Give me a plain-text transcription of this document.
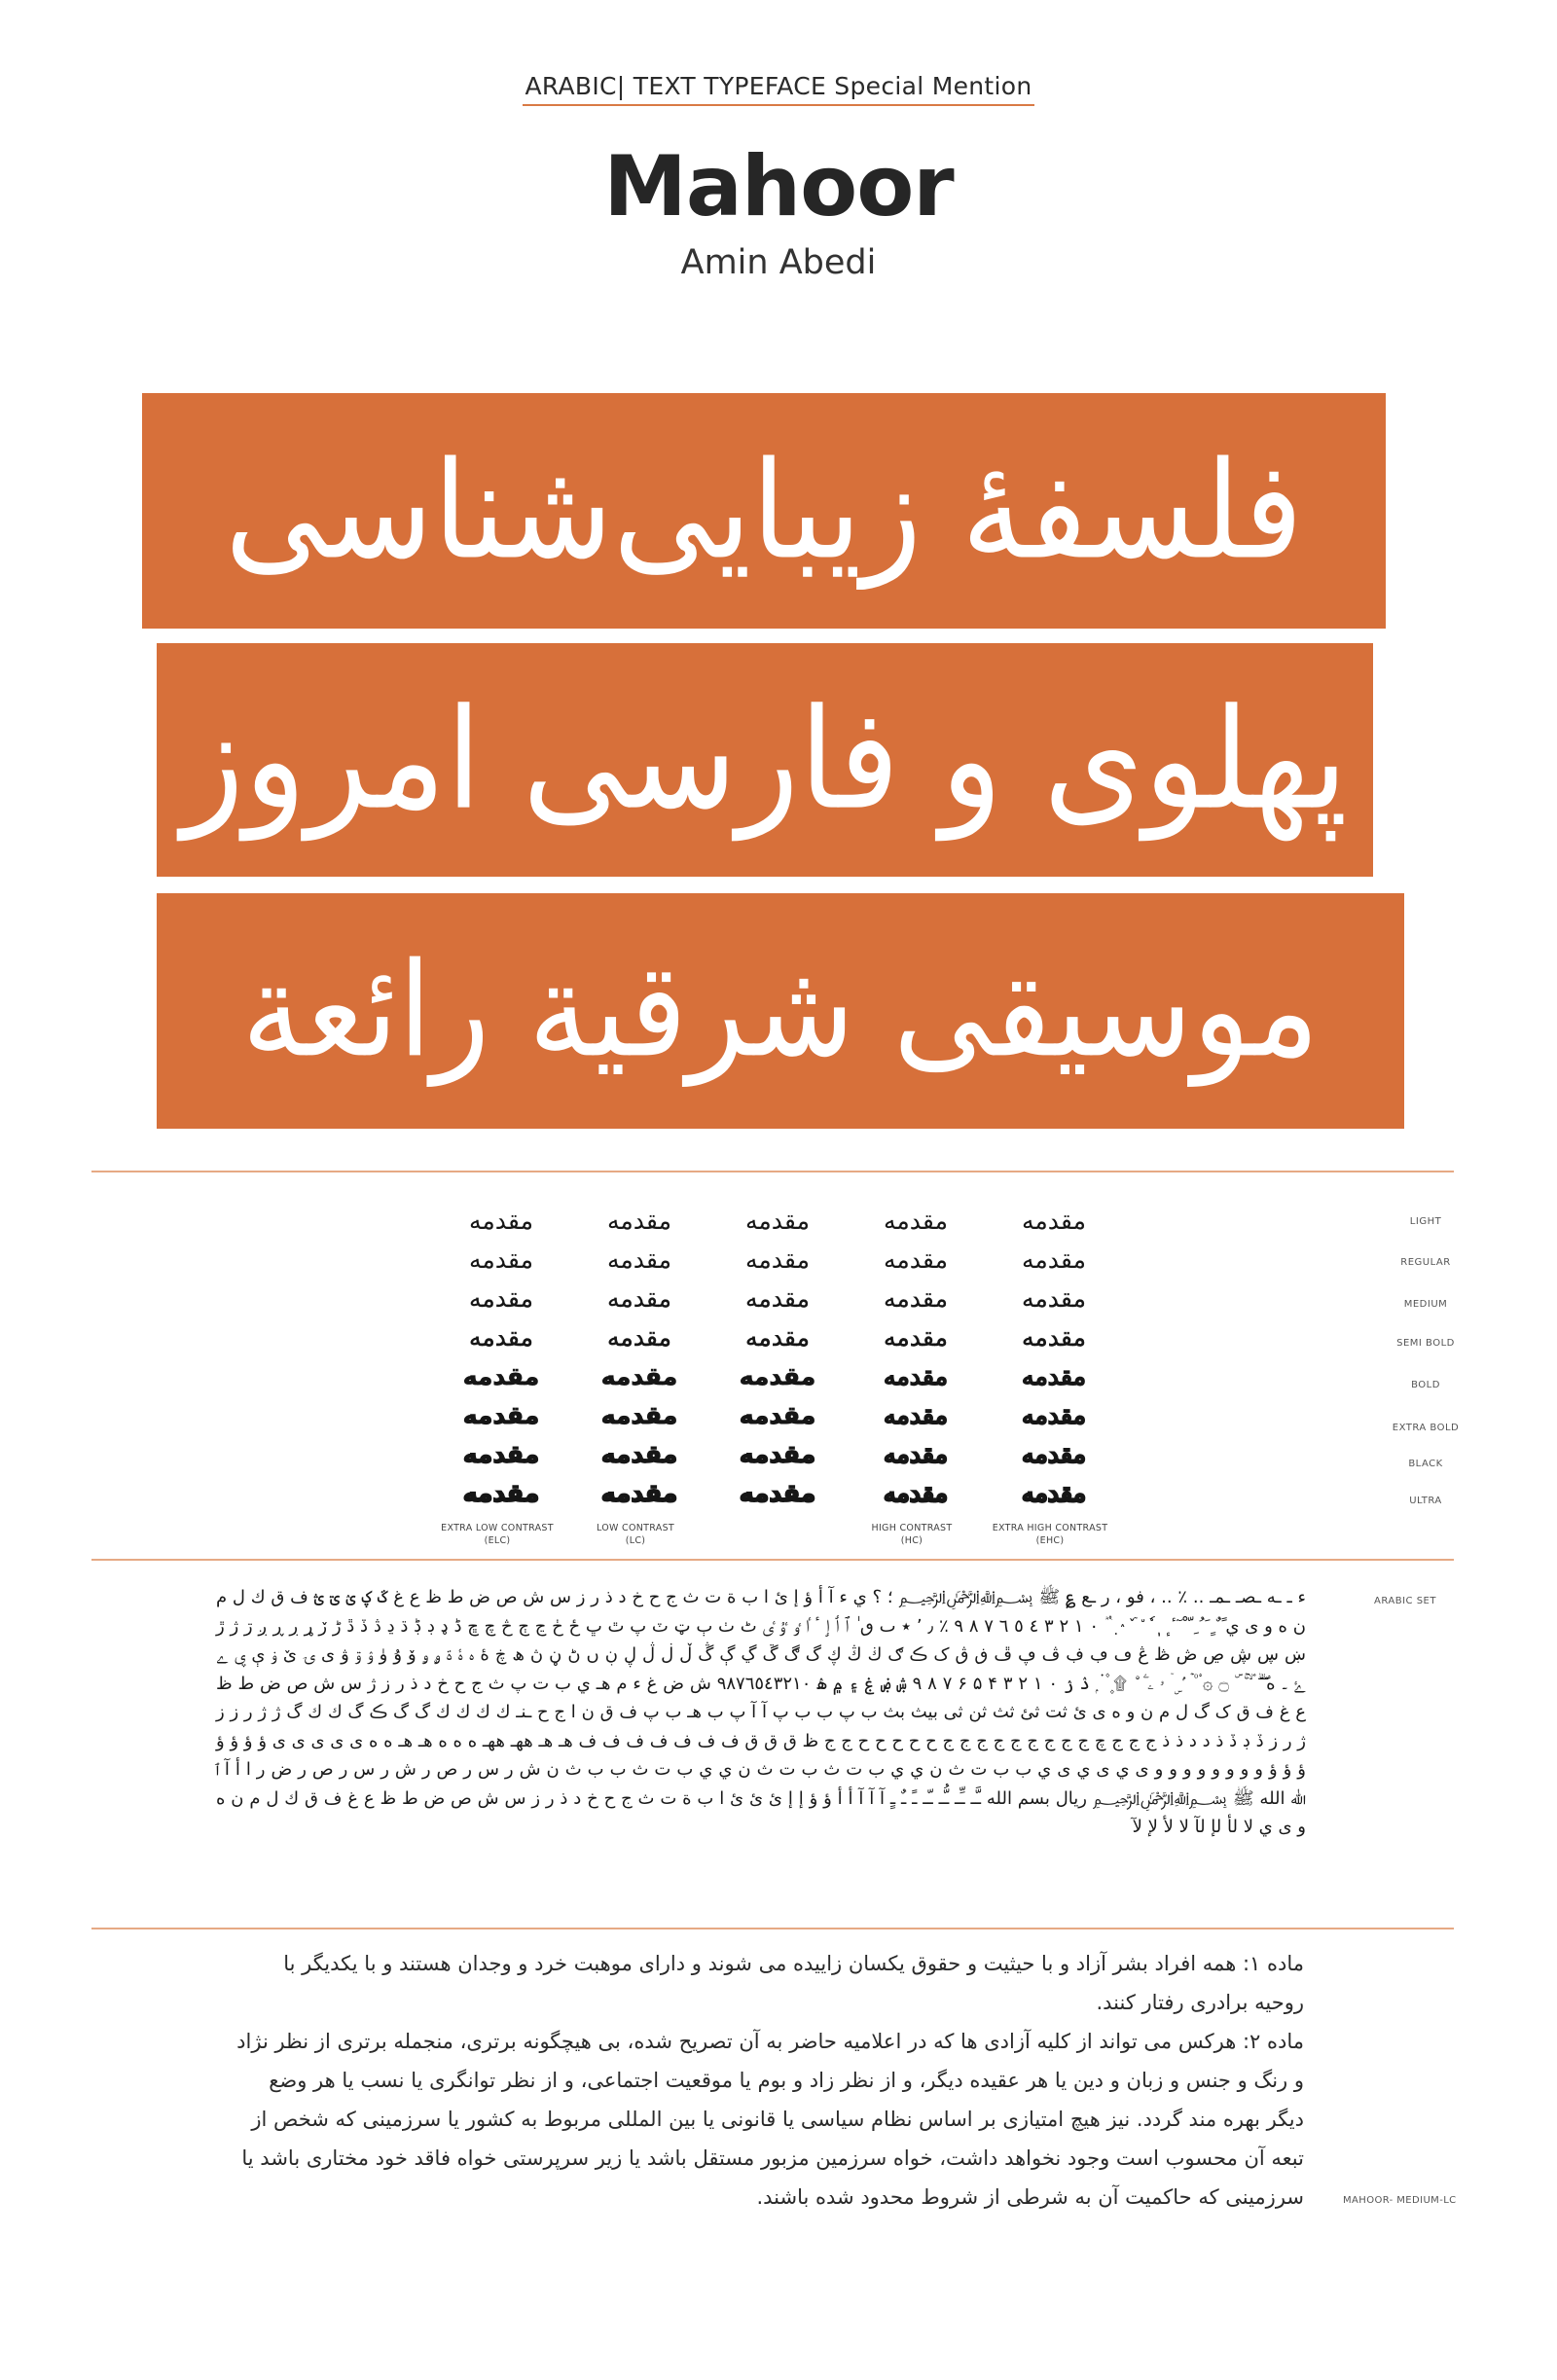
ARABIC| TEXT TYPEFACE Special Mention
Mahoor
Amin Abedi
فلسفهٔ زیبایی‌شناسی
پهلوی و فارسی امروز
موسیقی شرقیة رائعة
مقدمه	مقدمه	مقدمه	مقدمه	مقدمه
مقدمه	مقدمه	مقدمه	مقدمه	مقدمه
مقدمه	مقدمه	مقدمه	مقدمه	مقدمه
مقدمه	مقدمه	مقدمه	مقدمه	مقدمه
مقدمه	مقدمه	مقدمه	مقدمه	مقدمه
مقدمه	مقدمه	مقدمه	مقدمه	مقدمه
مقدمه	مقدمه	مقدمه	مقدمه	مقدمه
مقدمه	مقدمه	مقدمه	مقدمه	مقدمه
LIGHT
REGULAR
MEDIUM
SEMI BOLD
BOLD
EXTRA BOLD
BLACK
ULTRA
EXTRA LOW CONTRAST
(ELC)
LOW CONTRAST
(LC)
HIGH CONTRAST
(HC)
EXTRA HIGH CONTRAST
(EHC)
ء ـ ـه ـصـ ـمـ .. ٪ .. ، فو ، ر ـع ؏ ﷺ ﷽ ؛ ؟ ي ء آ أ ؤ إ ئ ا ب ة ت ث ج ح خ د ذ ر ز س ش ص ض ط ظ ع غ ػ ؼ ؽ ؾ ؿ ف ق ك ل م ن ه و ى ي ً ٌ ٍ َ ُ ِ ّ ْ ٓ ٔ ٕ ٖ ٗ ٘ ٙ ٚ ٛ ٜ ٝ ٞ ٠ ١ ٢ ٣ ٤ ٥ ٦ ٧ ٨ ٩ ٪ ٫ ٬ ٭ ٮ ٯ ٰ ٱ ٲ ٳ ٴ ٵ ٶ ٷ ٸ ٹ ٺ ٻ ټ ٽ پ ٿ ڀ ځ ڂ ڃ ڄ څ چ ڇ ڈ ډ ڊ ڋ ڌ ڍ ڎ ڏ ڐ ڑ ڒ ړ ڔ ڕ ږ ڗ ژ ڙ ښ ڛ ڜ ڝ ڞ ڟ ڠ ڡ ڢ ڣ ڤ ڥ ڦ ڧ ڨ ک ڪ ګ ڬ ڭ ڮ گ ڰ ڱ ڲ ڳ ڴ ڵ ڶ ڷ ڸ ڹ ں ڻ ڼ ڽ ھ ڿ ۀ ہ ۂ ۃ ۄ ۅ ۆ ۇ ۈ ۉ ۊ ۋ ی ۍ ێ ۏ ې ۑ ے ۓ ۔ ە ۖ ۗ ۘ ۙ ۚ ۛ ۜ ۝ ۞ ۟ ۠ ۡ ۢ ۣ ۤ ۥ ۦ ۧ ۨ ۩ ۪ ۫ ۬ ۭ ۮ ۯ ۰ ۱ ۲ ۳ ۴ ۵ ۶ ۷ ۸ ۹ ۺ ۻ ۼ ۽ ۾ ۿ ٩٨٧٦٥٤٣٢١٠ ش ض غ ء م هـ ي ب ت پ ث ج ح خ د ذ ر ز ژ س ش ص ض ط ظ ع غ ف ق ک گ ل م ن و ه ی ئ ثت ثئ ثث ثن ثى بيث بث ب پ ب ب پ آ آ پ ب هـ ب پ ف ق ن ا ج ح ـنـ ك ك ك ك گ گ ڪ گ ك ك گ ژ ژ ر ز ز ژ ر ز ڏ ڊ ڏ ذ د د ذ ذ ج ج ج چ ج ج ج ج ج ج ج ج ج ح ح ح ح ح ج ج ظ ق ق ق ف ف ف ف ف ف ف هـ هـ ههـ ههـ ه ه ه هـ هـ ه ه ى ى ى ى ى ؤ ؤ ؤ ؤ ؤ ؤ ؤ و و و و و و و و ى ي ى ي ى ي ب ب ت ث ن ي ي ب ت ث ب ت ث ن ي ي ب ت ث ب ب ث ن ش ر س ر ص ر ش ر س ر ص ر ض ر ا أ آ ٱ ﷲ الله ﷺ ﷽ ريال بسم الله ـَّـ ـِّـ ـُّـ ـّـ ـً ـٌ ـٍ آ آ آ أ أ ؤ ؤ إ إ ئ ئ ئ ا ب ة ت ث ج ح خ د ذ ر ز س ش ص ض ط ظ ع غ ف ق ك ل م ن ه و ى ي لا لأ لإ لآ ﻻ ﻷ ﻹ ﻵ
ARABIC SET

ماده ۱: همه افراد بشر آزاد و با حیثیت و حقوق یکسان زاییده می شوند و دارای موهبت خرد و وجدان هستند و با یکدیگر با روحیه برادری رفتار کنند.

ماده ۲: هرکس می تواند از کلیه آزادی ها که در اعلامیه حاضر به آن تصریح شده، بی هیچگونه برتری، منجمله برتری از نظر نژاد و رنگ و جنس و زبان و دین یا هر عقیده دیگر، و از نظر زاد و بوم یا موقعیت اجتماعی، و از نظر توانگری یا نسب یا هر وضع دیگر بهره مند گردد. نیز هیچ امتیازی بر اساس نظام سیاسی یا قانونی یا بین المللی مربوط به کشور یا سرزمینی که شخص از تبعه آن محسوب است وجود نخواهد داشت، خواه سرزمین مزبور مستقل باشد یا زیر سرپرستی خواه فاقد خود مختاری باشد یا سرزمینی که حاکمیت آن به شرطی از شروط محدود شده باشند.	MAHOOR- MEDIUM-LC
